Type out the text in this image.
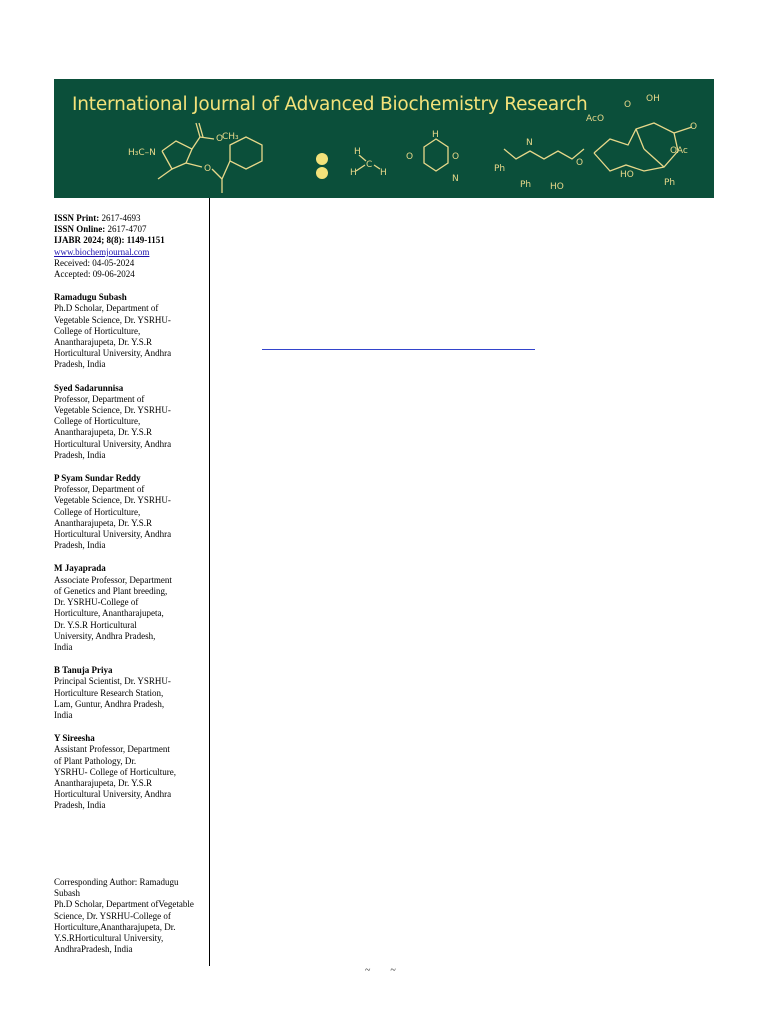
International Journal of Advanced Biochemistry Research
H₃C–N
O
CH₃
O
H
C
H	H
O
H
O
N
Ph
N
Ph HO
O
AcO
O
OH
O
OAc
HO
Ph
ISSN Print: 2617-4693
ISSN Online: 2617-4707
IJABR 2024; 8(8): 1149-1151
www.biochemjournal.com
Received: 04-05-2024
Accepted: 09-06-2024
Ramadugu Subash
Ph.D Scholar, Department of
Vegetable Science, Dr. YSRHU-
College of Horticulture,
Anantharajupeta, Dr. Y.S.R
Horticultural University, Andhra
Pradesh, India
Syed Sadarunnisa
Professor, Department of
Vegetable Science, Dr. YSRHU-
College of Horticulture,
Anantharajupeta, Dr. Y.S.R
Horticultural University, Andhra
Pradesh, India
P Syam Sundar Reddy
Professor, Department of
Vegetable Science, Dr. YSRHU-
College of Horticulture,
Anantharajupeta, Dr. Y.S.R
Horticultural University, Andhra
Pradesh, India
M Jayaprada
Associate Professor, Department
of Genetics and Plant breeding,
Dr. YSRHU-College of
Horticulture, Anantharajupeta,
Dr. Y.S.R Horticultural
University, Andhra Pradesh,
India
B Tanuja Priya
Principal Scientist, Dr. YSRHU-
Horticulture Research Station,
Lam, Guntur, Andhra Pradesh,
India
Y Sireesha
Assistant Professor, Department
of Plant Pathology, Dr.
YSRHU- College of Horticulture,
Anantharajupeta, Dr. Y.S.R
Horticultural University, Andhra
Pradesh, India
Corresponding Author: Ramadugu Subash
Ph.D Scholar, Department ofVegetable Science, Dr. YSRHU-College of Horticulture,Anantharajupeta, Dr. Y.S.RHorticultural University, AndhraPradesh, India
~        ~
